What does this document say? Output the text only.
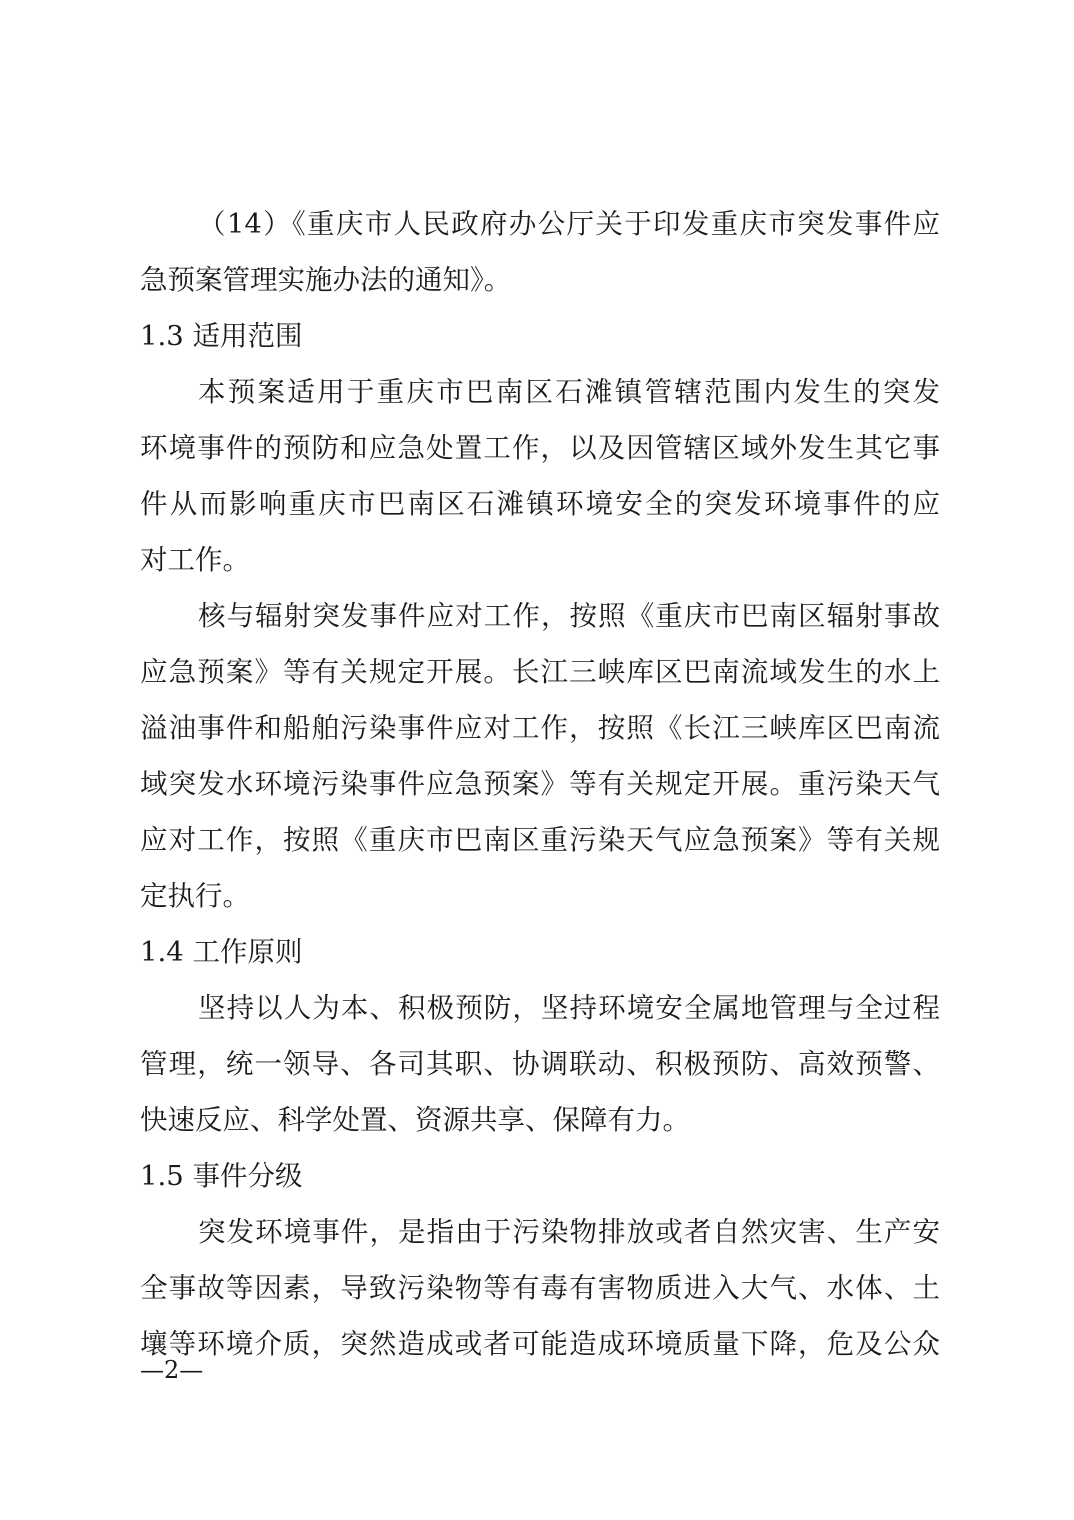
（14）《重庆市人民政府办公厅关于印发重庆市突发事件应
急预案管理实施办法的通知》。
1.3 适用范围
本预案适用于重庆市巴南区石滩镇管辖范围内发生的突发
环境事件的预防和应急处置工作，以及因管辖区域外发生其它事
件从而影响重庆市巴南区石滩镇环境安全的突发环境事件的应
对工作。
核与辐射突发事件应对工作，按照《重庆市巴南区辐射事故
应急预案》等有关规定开展。长江三峡库区巴南流域发生的水上
溢油事件和船舶污染事件应对工作，按照《长江三峡库区巴南流
域突发水环境污染事件应急预案》等有关规定开展。重污染天气
应对工作，按照《重庆市巴南区重污染天气应急预案》等有关规
定执行。
1.4 工作原则
坚持以人为本、积极预防，坚持环境安全属地管理与全过程
管理，统一领导、各司其职、协调联动、积极预防、高效预警、
快速反应、科学处置、资源共享、保障有力。
1.5 事件分级
突发环境事件，是指由于污染物排放或者自然灾害、生产安
全事故等因素，导致污染物等有毒有害物质进入大气、水体、土
壤等环境介质，突然造成或者可能造成环境质量下降，危及公众
—2—
